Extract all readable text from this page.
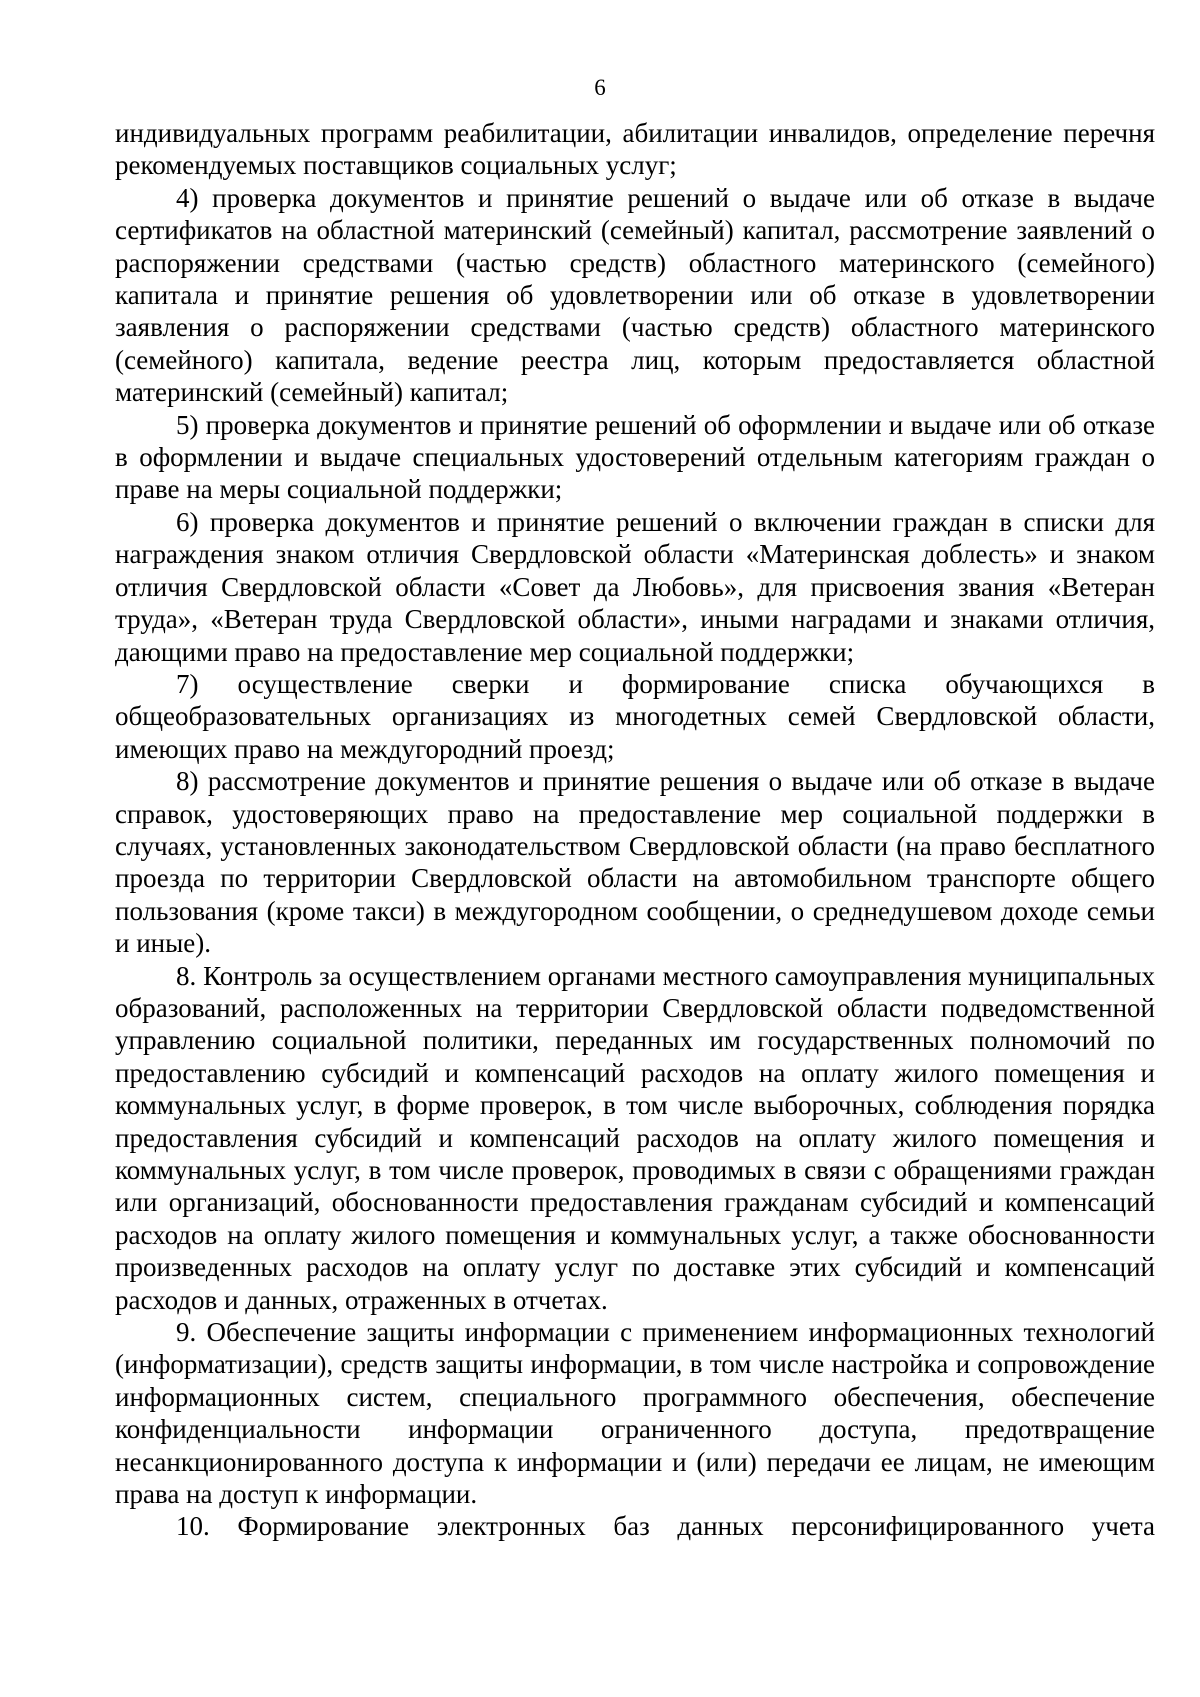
6

индивидуальных программ реабилитации, абилитации инвалидов, определение перечня рекомендуемых поставщиков социальных услуг;

4) проверка документов и принятие решений о выдаче или об отказе в выдаче сертификатов на областной материнский (семейный) капитал, рассмотрение заявлений о распоряжении средствами (частью средств) областного материнского (семейного) капитала и принятие решения об удовлетворении или об отказе в удовлетворении заявления о распоряжении средствами (частью средств) областного материнского (семейного) капитала, ведение реестра лиц, которым предоставляется областной материнский (семейный) капитал;

5) проверка документов и принятие решений об оформлении и выдаче или об отказе в оформлении и выдаче специальных удостоверений отдельным категориям граждан о праве на меры социальной поддержки;

6) проверка документов и принятие решений о включении граждан в списки для награждения знаком отличия Свердловской области «Материнская доблесть» и знаком отличия Свердловской области «Совет да Любовь», для присвоения звания «Ветеран труда», «Ветеран труда Свердловской области», иными наградами и знаками отличия, дающими право на предоставление мер социальной поддержки;

7) осуществление сверки и формирование списка обучающихся в общеобразовательных организациях из многодетных семей Свердловской области, имеющих право на междугородний проезд;

8) рассмотрение документов и принятие решения о выдаче или об отказе в выдаче справок, удостоверяющих право на предоставление мер социальной поддержки в случаях, установленных законодательством Свердловской области (на право бесплатного проезда по территории Свердловской области на автомобильном транспорте общего пользования (кроме такси) в междугородном сообщении, о среднедушевом доходе семьи и иные).

8. Контроль за осуществлением органами местного самоуправления муниципальных образований, расположенных на территории Свердловской области подведомственной управлению социальной политики, переданных им государственных полномочий по предоставлению субсидий и компенсаций расходов на оплату жилого помещения и коммунальных услуг, в форме проверок, в том числе выборочных, соблюдения порядка предоставления субсидий и компенсаций расходов на оплату жилого помещения и коммунальных услуг, в том числе проверок, проводимых в связи с обращениями граждан или организаций, обоснованности предоставления гражданам субсидий и компенсаций расходов на оплату жилого помещения и коммунальных услуг, а также обоснованности произведенных расходов на оплату услуг по доставке этих субсидий и компенсаций расходов и данных, отраженных в отчетах.

9. Обеспечение защиты информации с применением информационных технологий (информатизации), средств защиты информации, в том числе настройка и сопровождение информационных систем, специального программного обеспечения, обеспечение конфиденциальности информации ограниченного доступа, предотвращение несанкционированного доступа к информации и (или) передачи ее лицам, не имеющим права на доступ к информации.

10. Формирование электронных баз данных персонифицированного учета
